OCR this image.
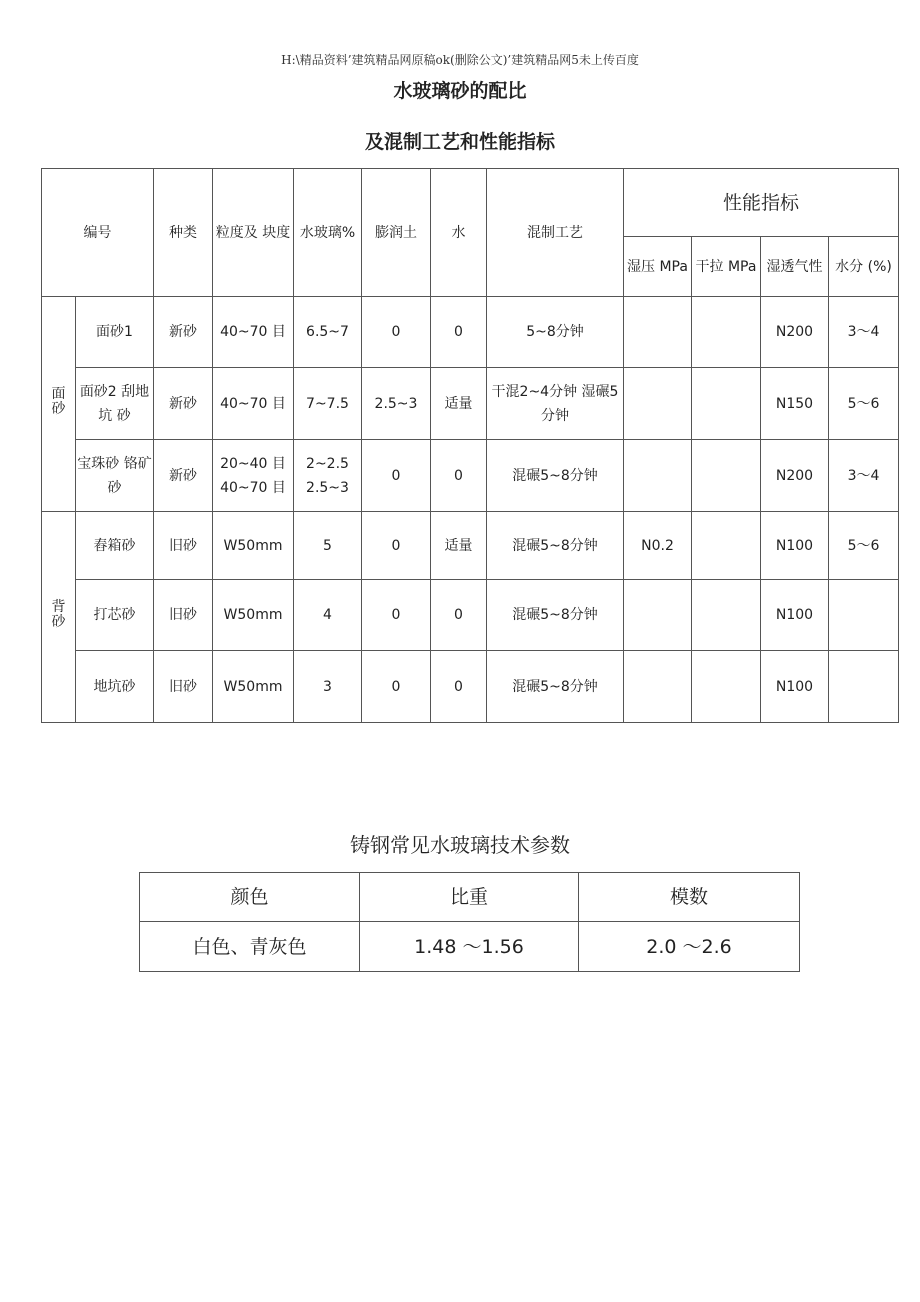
H:\精品资料’建筑精品网原稿ok(删除公文)’建筑精品网5未上传百度
水玻璃砂的配比
及混制工艺和性能指标
编号		种类	粒度及 块度	水玻璃%	膨润土	水	混制工艺	性能指标			
								湿压 MPa	干拉 MPa	湿透气性	水分 (%)
面砂	面砂1	新砂	40~70 目	6.5~7	0	0	5~8分钟			N200	3〜4
	面砂2 刮地坑 砂	新砂	40~70 目	7~7.5	2.5~3	适量	干混2~4分钟 湿碾5分钟			N150	5〜6
	宝珠砂 铬矿砂	新砂	20~40 目 40~70 目	2~2.5 2.5~3	0	0	混碾5~8分钟			N200	3〜4
背砂	舂箱砂	旧砂	W50mm	5	0	适量	混碾5~8分钟	N0.2		N100	5〜6
	打芯砂	旧砂	W50mm	4	0	0	混碾5~8分钟			N100	
	地坑砂	旧砂	W50mm	3	0	0	混碾5~8分钟			N100	
铸钢常见水玻璃技术参数
颜色	比重	模数
白色、青灰色	1.48 〜1.56	2.0 〜2.6
